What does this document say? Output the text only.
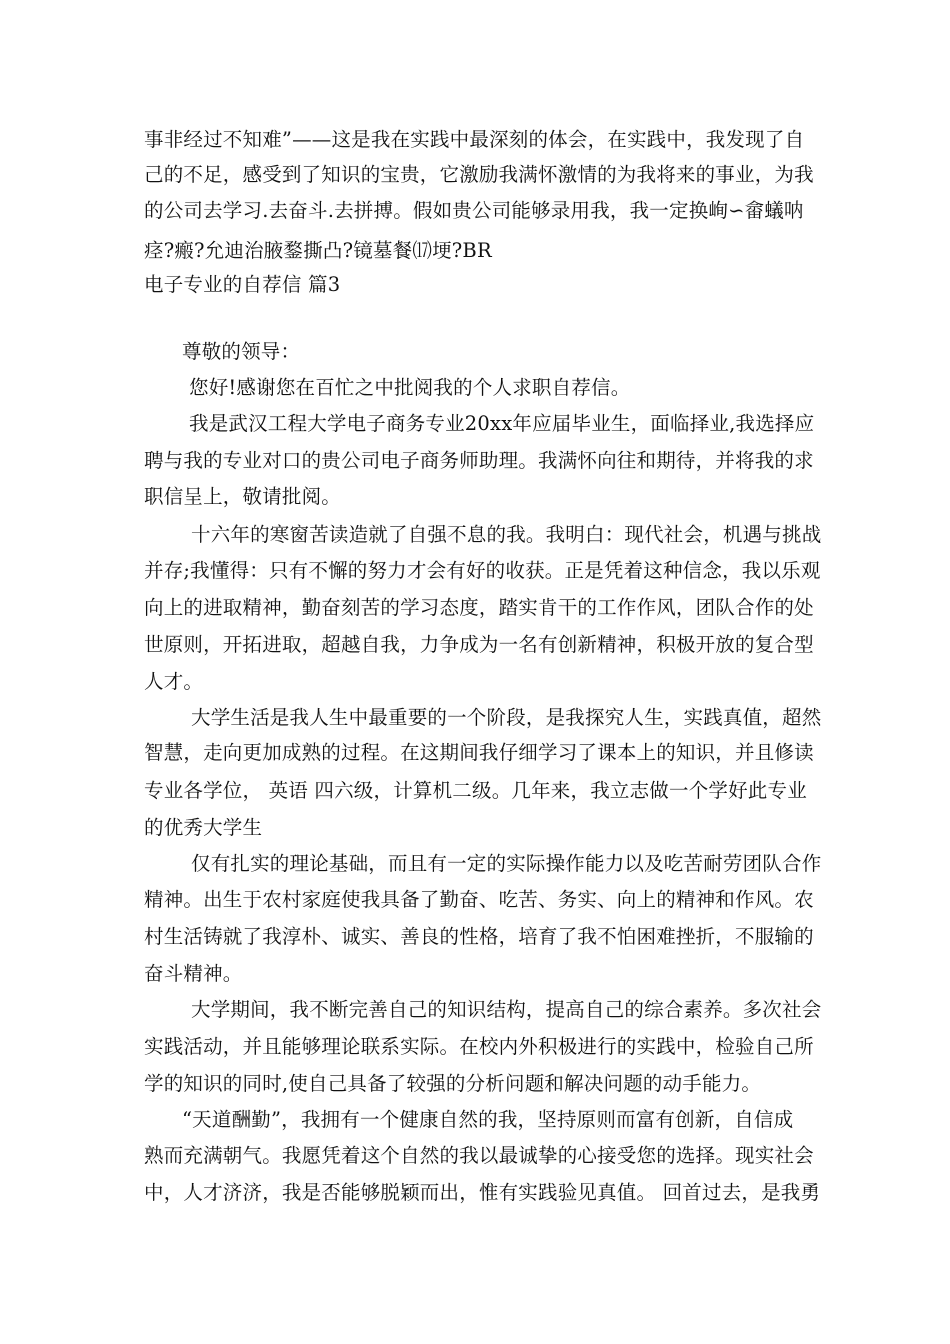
事非经过不知难”——这是我在实践中最深刻的体会，在实践中，我发现了自
己的不足，感受到了知识的宝贵，它激励我满怀激情的为我将来的事业，为我
的公司去学习.去奋斗.去拼搏。假如贵公司能够录用我，我一定换峋∽畲蟻呐
痉?瘢?允迪治腋鍪撕凸?镜墓餐⒄埂?BR
电子专业的自荐信 篇3
尊敬的领导：
您好!感谢您在百忙之中批阅我的个人求职自荐信。
我是武汉工程大学电子商务专业20xx年应届毕业生，面临择业,我选择应
聘与我的专业对口的贵公司电子商务师助理。我满怀向往和期待，并将我的求
职信呈上，敬请批阅。
十六年的寒窗苦读造就了自强不息的我。我明白：现代社会，机遇与挑战
并存;我懂得：只有不懈的努力才会有好的收获。正是凭着这种信念，我以乐观
向上的进取精神，勤奋刻苦的学习态度，踏实肯干的工作作风，团队合作的处
世原则，开拓进取，超越自我，力争成为一名有创新精神，积极开放的复合型
人才。
大学生活是我人生中最重要的一个阶段，是我探究人生，实践真值，超然
智慧，走向更加成熟的过程。在这期间我仔细学习了课本上的知识，并且修读
专业各学位， 英语 四六级，计算机二级。几年来，我立志做一个学好此专业
的优秀大学生
仅有扎实的理论基础，而且有一定的实际操作能力以及吃苦耐劳团队合作
精神。出生于农村家庭使我具备了勤奋、吃苦、务实、向上的精神和作风。农
村生活铸就了我淳朴、诚实、善良的性格，培育了我不怕困难挫折，不服输的
奋斗精神。
大学期间，我不断完善自己的知识结构，提高自己的综合素养。多次社会
实践活动，并且能够理论联系实际。在校内外积极进行的实践中，检验自己所
学的知识的同时,使自己具备了较强的分析问题和解决问题的动手能力。
“天道酬勤”，我拥有一个健康自然的我，坚持原则而富有创新，自信成
熟而充满朝气。我愿凭着这个自然的我以最诚挚的心接受您的选择。现实社会
中，人才济济，我是否能够脱颖而出，惟有实践验见真值。 回首过去，是我勇
